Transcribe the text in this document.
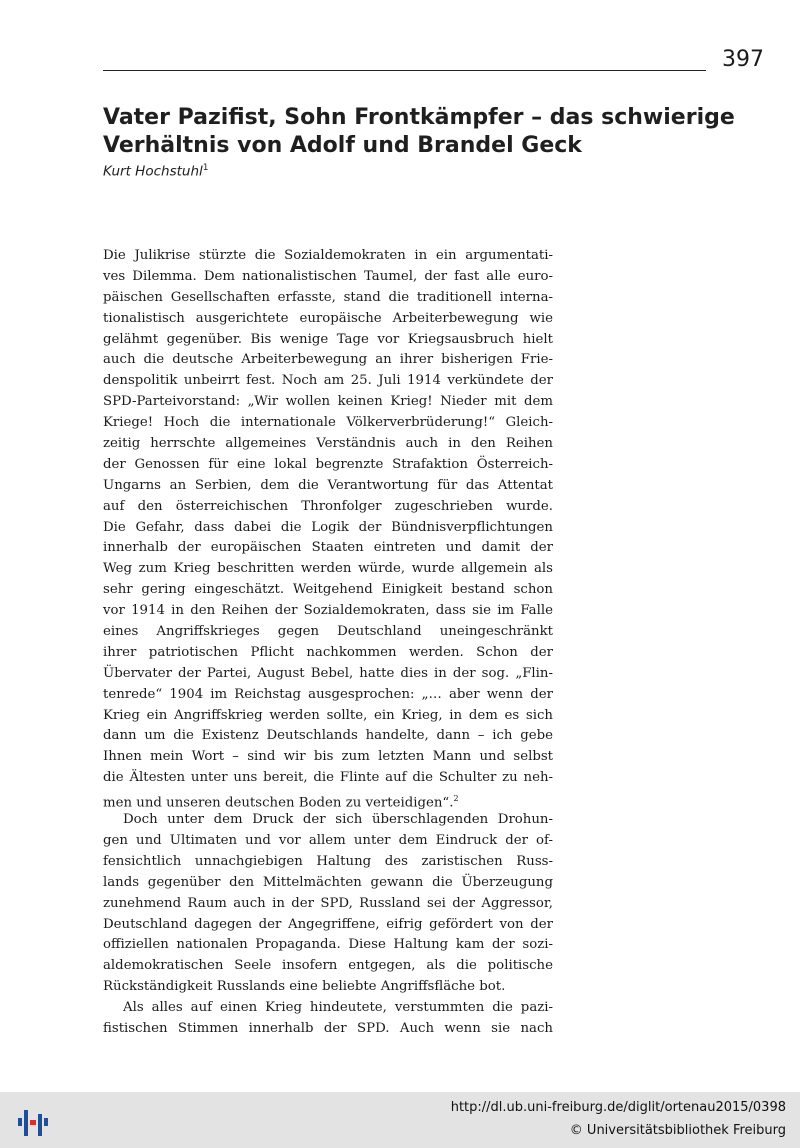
397
Vater Pazifist, Sohn Frontkämpfer – das schwierige
Verhältnis von Adolf und Brandel Geck
Kurt Hochstuhl$^1$
Die Julikrise stürzte die Sozialdemokraten in ein argumentati-
ves Dilemma. Dem nationalistischen Taumel, der fast alle euro-
päischen Gesellschaften erfasste, stand die traditionell interna-
tionalistisch ausgerichtete europäische Arbeiterbewegung wie
gelähmt gegenüber. Bis wenige Tage vor Kriegsausbruch hielt
auch die deutsche Arbeiterbewegung an ihrer bisherigen Frie-
denspolitik unbeirrt fest. Noch am 25. Juli 1914 verkündete der
SPD-Parteivorstand: „Wir wollen keinen Krieg! Nieder mit dem
Kriege! Hoch die internationale Völkerverbrüderung!“ Gleich-
zeitig herrschte allgemeines Verständnis auch in den Reihen
der Genossen für eine lokal begrenzte Strafaktion Österreich-
Ungarns an Serbien, dem die Verantwortung für das Attentat
auf den österreichischen Thronfolger zugeschrieben wurde.
Die Gefahr, dass dabei die Logik der Bündnisverpflichtungen
innerhalb der europäischen Staaten eintreten und damit der
Weg zum Krieg beschritten werden würde, wurde allgemein als
sehr gering eingeschätzt. Weitgehend Einigkeit bestand schon
vor 1914 in den Reihen der Sozialdemokraten, dass sie im Falle
eines Angriffskrieges gegen Deutschland uneingeschränkt
ihrer patriotischen Pflicht nachkommen werden. Schon der
Übervater der Partei, August Bebel, hatte dies in der sog. „Flin-
tenrede“ 1904 im Reichstag ausgesprochen: „… aber wenn der
Krieg ein Angriffskrieg werden sollte, ein Krieg, in dem es sich
dann um die Existenz Deutschlands handelte, dann – ich gebe
Ihnen mein Wort – sind wir bis zum letzten Mann und selbst
die Ältesten unter uns bereit, die Flinte auf die Schulter zu neh-
men und unseren deutschen Boden zu verteidigen“.$^2$
Doch unter dem Druck der sich überschlagenden Drohun-
gen und Ultimaten und vor allem unter dem Eindruck der of-
fensichtlich unnachgiebigen Haltung des zaristischen Russ-
lands gegenüber den Mittelmächten gewann die Überzeugung
zunehmend Raum auch in der SPD, Russland sei der Aggressor,
Deutschland dagegen der Angegriffene, eifrig gefördert von der
offiziellen nationalen Propaganda. Diese Haltung kam der sozi-
aldemokratischen Seele insofern entgegen, als die politische
Rückständigkeit Russlands eine beliebte Angriffsfläche bot.
Als alles auf einen Krieg hindeutete, verstummten die pazi-
fistischen Stimmen innerhalb der SPD. Auch wenn sie nach
http://dl.ub.uni-freiburg.de/diglit/ortenau2015/0398
© Universitätsbibliothek Freiburg
